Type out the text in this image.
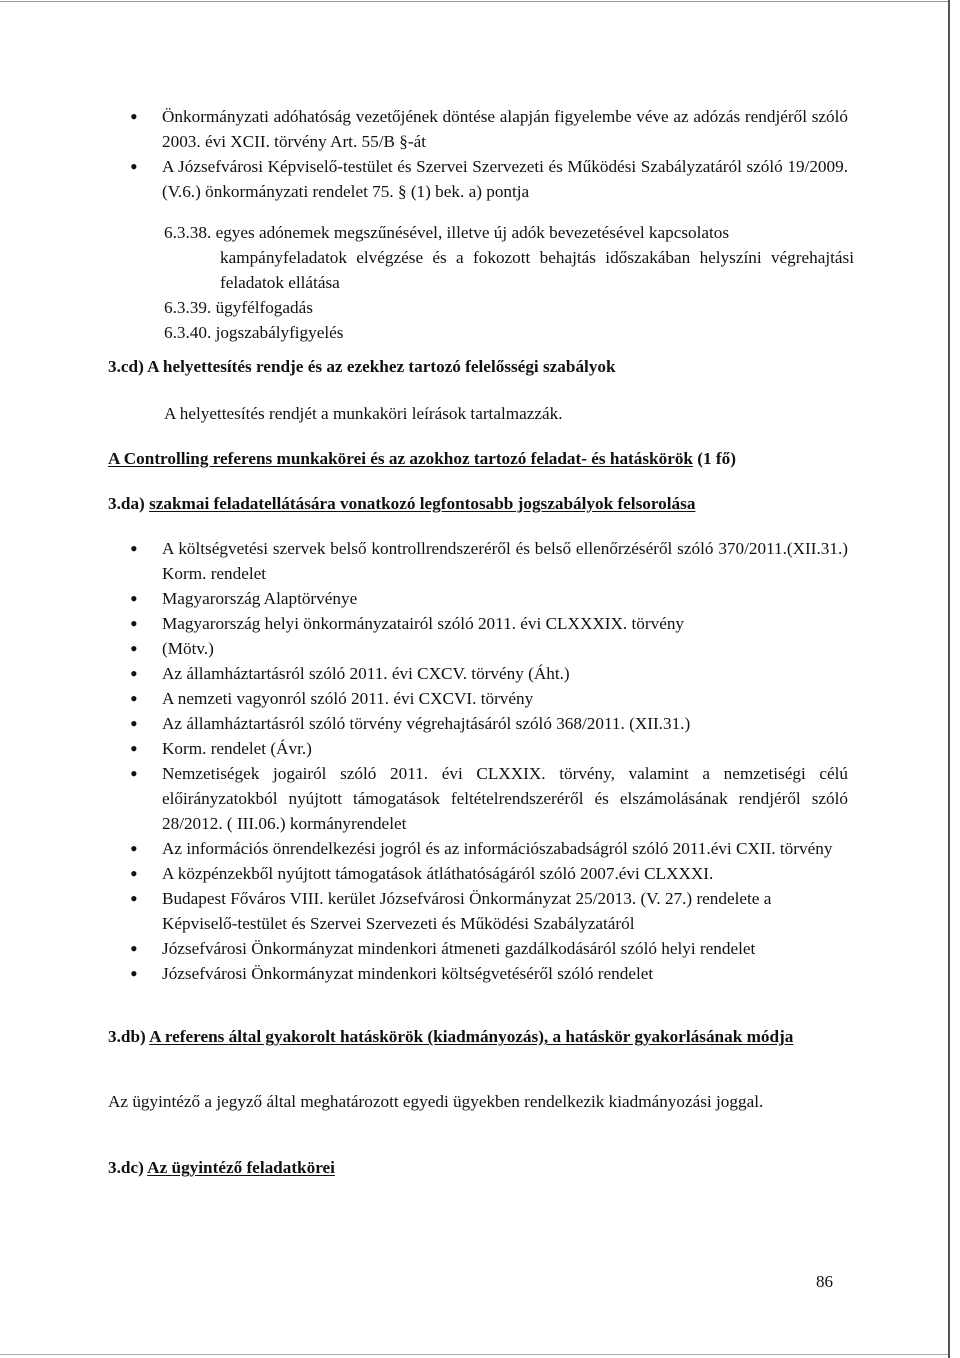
• Önkormányzati adóhatóság vezetőjének döntése alapján figyelembe véve az adózás rendjéről szóló 2003. évi XCII. törvény Art. 55/B §-át
• A Józsefvárosi Képviselő-testület és Szervei Szervezeti és Működési Szabályzatáról szóló 19/2009. (V.6.) önkormányzati rendelet 75. § (1) bek. a) pontja
6.3.38. egyes adónemek megszűnésével, illetve új adók bevezetésével kapcsolatos
kampányfeladatok elvégzése és a fokozott behajtás időszakában helyszíni végrehajtási feladatok ellátása
6.3.39. ügyfélfogadás
6.3.40. jogszabályfigyelés
3.cd) A helyettesítés rendje és az ezekhez tartozó felelősségi szabályok
A helyettesítés rendjét a munkaköri leírások tartalmazzák.
A Controlling referens munkakörei és az azokhoz tartozó feladat- és hatáskörök (1 fő)
3.da) szakmai feladatellátására vonatkozó legfontosabb jogszabályok felsorolása
• A költségvetési szervek belső kontrollrendszeréről és belső ellenőrzéséről szóló 370/2011.(XII.31.) Korm. rendelet
• Magyarország Alaptörvénye
• Magyarország helyi önkormányzatairól szóló 2011. évi CLXXXIX. törvény
• (Mötv.)
• Az államháztartásról szóló 2011. évi CXCV. törvény (Áht.)
• A nemzeti vagyonról szóló 2011. évi CXCVI. törvény
• Az államháztartásról szóló törvény végrehajtásáról szóló 368/2011. (XII.31.)
• Korm. rendelet (Ávr.)
• Nemzetiségek jogairól szóló 2011. évi CLXXIX. törvény, valamint a nemzetiségi célú előirányzatokból nyújtott támogatások feltételrendszeréről és elszámolásának rendjéről szóló 28/2012. ( III.06.) kormányrendelet
• Az információs önrendelkezési jogról és az információszabadságról szóló 2011.évi CXII. törvény
• A közpénzekből nyújtott támogatások átláthatóságáról szóló 2007.évi CLXXXI.
• Budapest Főváros VIII. kerület Józsefvárosi Önkormányzat 25/2013. (V. 27.) rendelete a Képviselő-testület és Szervei Szervezeti és Működési Szabályzatáról
• Józsefvárosi Önkormányzat mindenkori átmeneti gazdálkodásáról szóló helyi rendelet
• Józsefvárosi Önkormányzat mindenkori költségvetéséről szóló rendelet
3.db) A referens által gyakorolt hatáskörök (kiadmányozás), a hatáskör gyakorlásának módja
Az ügyintéző a jegyző által meghatározott egyedi ügyekben rendelkezik kiadmányozási joggal.
3.dc) Az ügyintéző feladatkörei
86
